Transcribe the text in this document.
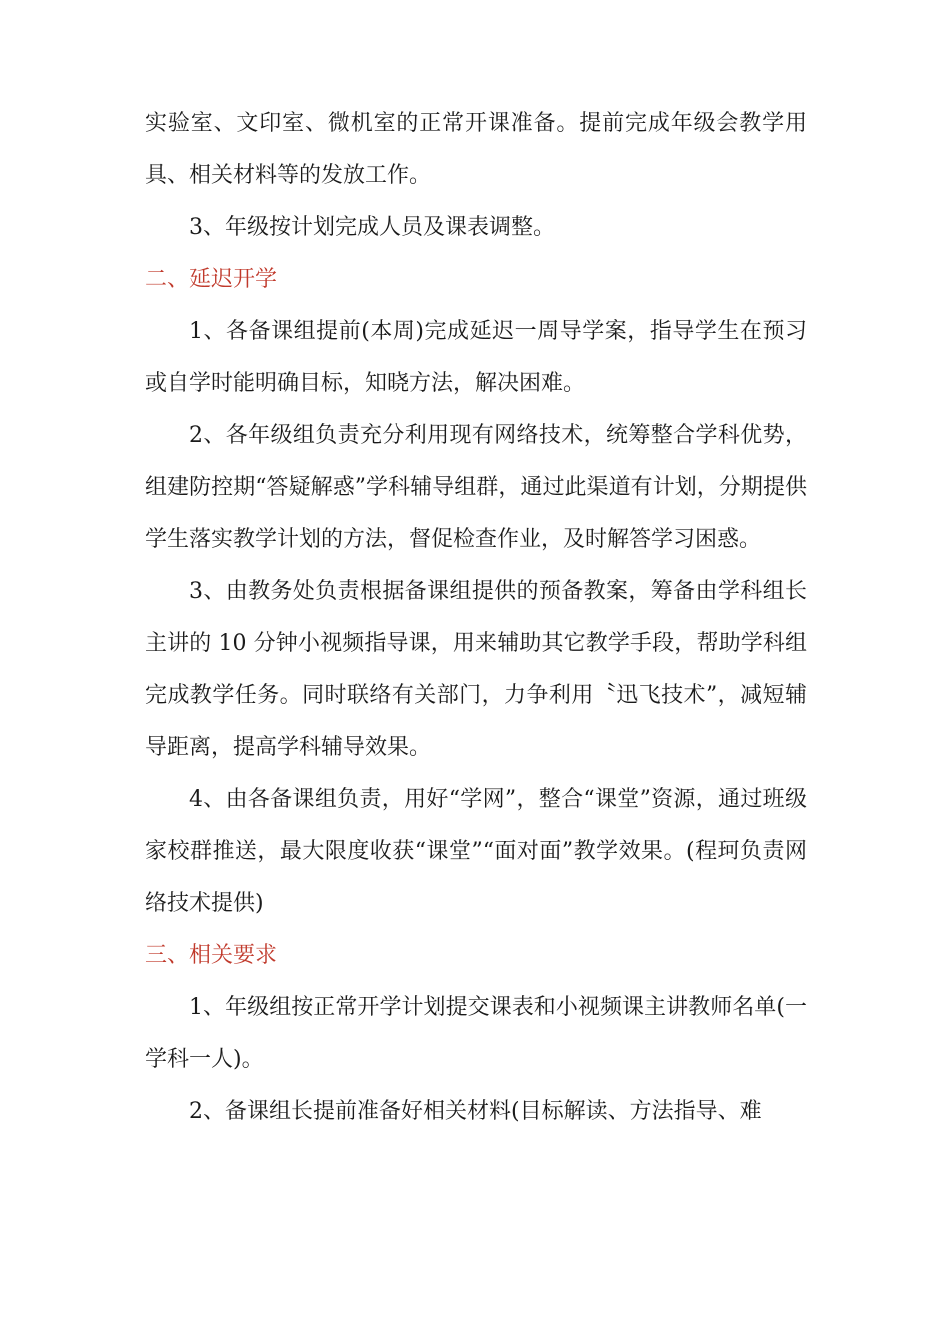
实验室、文印室、微机室的正常开课准备。提前完成年级会教学用具、相关材料等的发放工作。

3、年级按计划完成人员及课表调整。

二、延迟开学

1、各备课组提前(本周)完成延迟一周导学案，指导学生在预习或自学时能明确目标，知晓方法，解决困难。

2、各年级组负责充分利用现有网络技术，统筹整合学科优势，组建防控期“答疑解惑”学科辅导组群，通过此渠道有计划，分期提供学生落实教学计划的方法，督促检查作业，及时解答学习困惑。

3、由教务处负责根据备课组提供的预备教案，筹备由学科组长主讲的 10 分钟小视频指导课，用来辅助其它教学手段，帮助学科组完成教学任务。同时联络有关部门，力争利用〝迅飞技术”，减短辅导距离，提高学科辅导效果。

4、由各备课组负责，用好“学网”，整合“课堂”资源，通过班级家校群推送，最大限度收获“课堂”“面对面”教学效果。(程珂负责网络技术提供)

三、相关要求

1、年级组按正常开学计划提交课表和小视频课主讲教师名单(一学科一人)。

2、备课组长提前准备好相关材料(目标解读、方法指导、难
